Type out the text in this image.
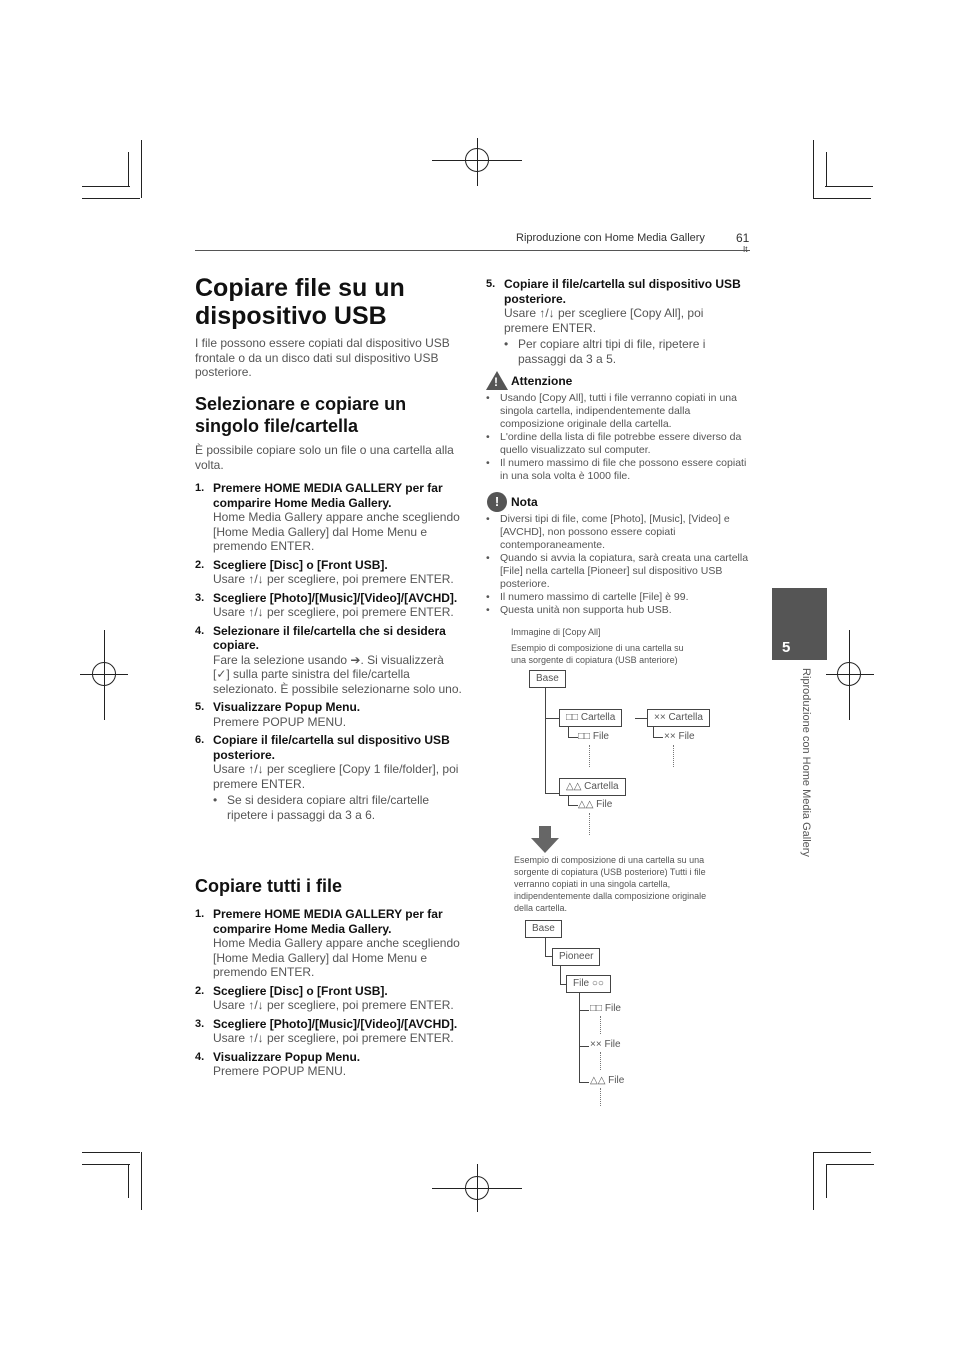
Riproduzione con Home Media Gallery	61
Copiare file su un dispositivo USB
I file possono essere copiati dal dispositivo USB frontale o da un disco dati sul dispositivo USB posteriore.
Selezionare e copiare un singolo file/cartella
È possibile copiare solo un file o una cartella alla volta.
1. Premere HOME MEDIA GALLERY per far comparire Home Media Gallery.
Home Media Gallery appare anche scegliendo [Home Media Gallery] dal Home Menu e premendo ENTER.
2. Scegliere [Disc] o [Front USB].
Usare ↑/↓ per scegliere, poi premere ENTER.
3. Scegliere [Photo]/[Music]/[Video]/[AVCHD].
Usare ↑/↓ per scegliere, poi premere ENTER.
4. Selezionare il file/cartella che si desidera copiare.
Fare la selezione usando ➔. Si visualizzerà [✓] sulla parte sinistra del file/cartella selezionato. È possibile selezionarne solo uno.
5. Visualizzare Popup Menu.
Premere POPUP MENU.
6. Copiare il file/cartella sul dispositivo USB posteriore.
Usare ↑/↓ per scegliere [Copy 1 file/folder], poi premere ENTER.
• Se si desidera copiare altri file/cartelle ripetere i passaggi da 3 a 6.
Copiare tutti i file
1. Premere HOME MEDIA GALLERY per far comparire Home Media Gallery.
Home Media Gallery appare anche scegliendo [Home Media Gallery] dal Home Menu e premendo ENTER.
2. Scegliere [Disc] o [Front USB].
Usare ↑/↓ per scegliere, poi premere ENTER.
3. Scegliere [Photo]/[Music]/[Video]/[AVCHD].
Usare ↑/↓ per scegliere, poi premere ENTER.
4. Visualizzare Popup Menu.
Premere POPUP MENU.
5. Copiare il file/cartella sul dispositivo USB posteriore.
Usare ↑/↓ per scegliere [Copy All], poi premere ENTER.
• Per copiare altri tipi di file, ripetere i passaggi da 3 a 5.
! Attenzione
• Usando [Copy All], tutti i file verranno copiati in una singola cartella, indipendentemente dalla composizione originale della cartella.
• L'ordine della lista di file potrebbe essere diverso da quello visualizzato sul computer.
• Il numero massimo di file che possono essere copiati in una sola volta è 1000 file.
! Nota
• Diversi tipi di file, come [Photo], [Music], [Video] e [AVCHD], non possono essere copiati contemporaneamente.
• Quando si avvia la copiatura, sarà creata una cartella [File] nella cartella [Pioneer] sul dispositivo USB posteriore.
• Il numero massimo di cartelle [File] è 99.
• Questa unità non supporta hub USB.
Immagine di [Copy All]
Esempio di composizione di una cartella su una sorgente di copiatura (USB anteriore)
Base
□□ Cartella	×× Cartella
□□ File	×× File
△△ Cartella
△△ File
Esempio di composizione di una cartella su una sorgente di copiatura (USB posteriore) Tutti i file verranno copiati in una singola cartella, indipendentemente dalla composizione originale della cartella.
Base
Pioneer
File ○○
□□ File
×× File
△△ File
5
Riproduzione con Home Media Gallery
